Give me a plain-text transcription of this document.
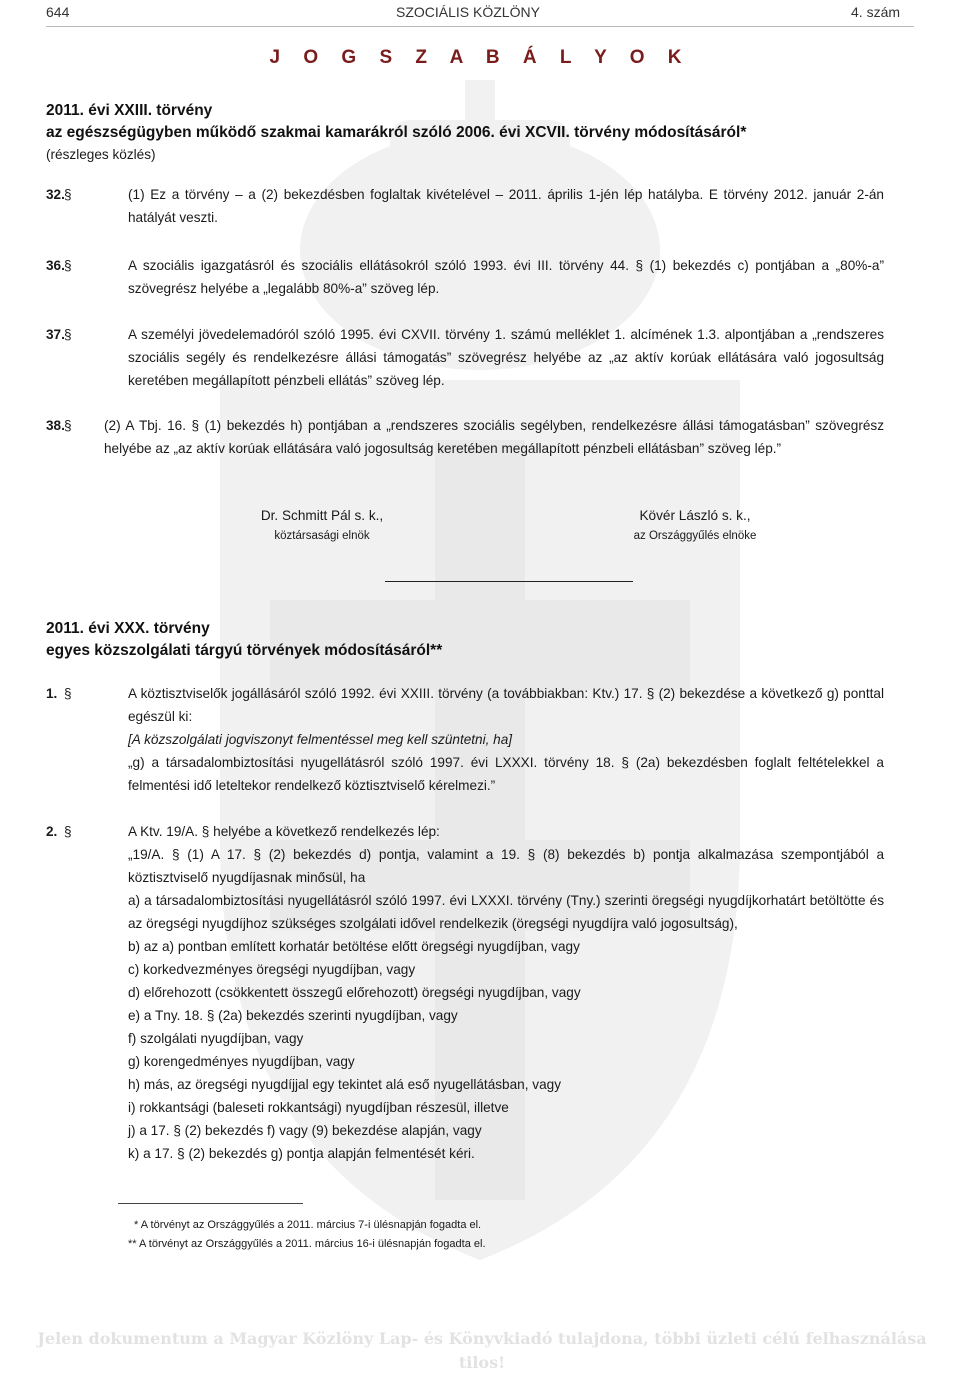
644	SZOCIÁLIS KÖZLÖNY	4. szám
J O G S Z A B Á L Y O K
2011. évi XXIII. törvény
az egészségügyben működő szakmai kamarákról szóló 2006. évi XCVII. törvény módosításáról*
(részleges közlés)
32. §	(1) Ez a törvény – a (2) bekezdésben foglaltak kivételével – 2011. április 1-jén lép hatályba. E törvény 2012. január 2-án hatályát veszti.
36. §	A szociális igazgatásról és szociális ellátásokról szóló 1993. évi III. törvény 44. § (1) bekezdés c) pontjában a „80%-a” szövegrész helyébe a „legalább 80%-a” szöveg lép.
37. §	A személyi jövedelemadóról szóló 1995. évi CXVII. törvény 1. számú melléklet 1. alcímének 1.3. alpontjában a „rendszeres szociális segély és rendelkezésre állási támogatás” szövegrész helyébe az „az aktív korúak ellátására való jogosultság keretében megállapított pénzbeli ellátás” szöveg lép.
38. § (2) A Tbj. 16. § (1) bekezdés h) pontjában a „rendszeres szociális segélyben, rendelkezésre állási támogatásban” szövegrész helyébe az „az aktív korúak ellátására való jogosultság keretében megállapított pénzbeli ellátásban” szöveg lép.”
Dr. Schmitt Pál s. k.,
köztársasági elnök
Kövér László s. k.,
az Országgyűlés elnöke
2011. évi XXX. törvény
egyes közszolgálati tárgyú törvények módosításáról**
1. §	A köztisztviselők jogállásáról szóló 1992. évi XXIII. törvény (a továbbiakban: Ktv.) 17. § (2) bekezdése a következő g) ponttal egészül ki:

[A közszolgálati jogviszonyt felmentéssel meg kell szüntetni, ha]

„g) a társadalombiztosítási nyugellátásról szóló 1997. évi LXXXI. törvény 18. § (2a) bekezdésben foglalt feltételekkel a felmentési idő leteltekor rendelkező köztisztviselő kérelmezi.”

2. §	A Ktv. 19/A. § helyébe a következő rendelkezés lép:

„19/A. § (1) A 17. § (2) bekezdés d) pontja, valamint a 19. § (8) bekezdés b) pontja alkalmazása szempontjából a köztisztviselő nyugdíjasnak minősül, ha

a) a társadalombiztosítási nyugellátásról szóló 1997. évi LXXXI. törvény (Tny.) szerinti öregségi nyugdíjkorhatárt betöltötte és az öregségi nyugdíjhoz szükséges szolgálati idővel rendelkezik (öregségi nyugdíjra való jogosultság),

b) az a) pontban említett korhatár betöltése előtt öregségi nyugdíjban, vagy

c) korkedvezményes öregségi nyugdíjban, vagy

d) előrehozott (csökkentett összegű előrehozott) öregségi nyugdíjban, vagy

e) a Tny. 18. § (2a) bekezdés szerinti nyugdíjban, vagy

f) szolgálati nyugdíjban, vagy

g) korengedményes nyugdíjban, vagy

h) más, az öregségi nyugdíjjal egy tekintet alá eső nyugellátásban, vagy

i) rokkantsági (baleseti rokkantsági) nyugdíjban részesül, illetve

j) a 17. § (2) bekezdés f) vagy (9) bekezdése alapján, vagy

k) a 17. § (2) bekezdés g) pontja alapján felmentését kéri.

* A törvényt az Országgyűlés a 2011. március 7-i ülésnapján fogadta el.
** A törvényt az Országgyűlés a 2011. március 16-i ülésnapján fogadta el.
Jelen dokumentum a Magyar Közlöny Lap- és Könyvkiadó tulajdona, többi üzleti célú felhasználása tilos!
